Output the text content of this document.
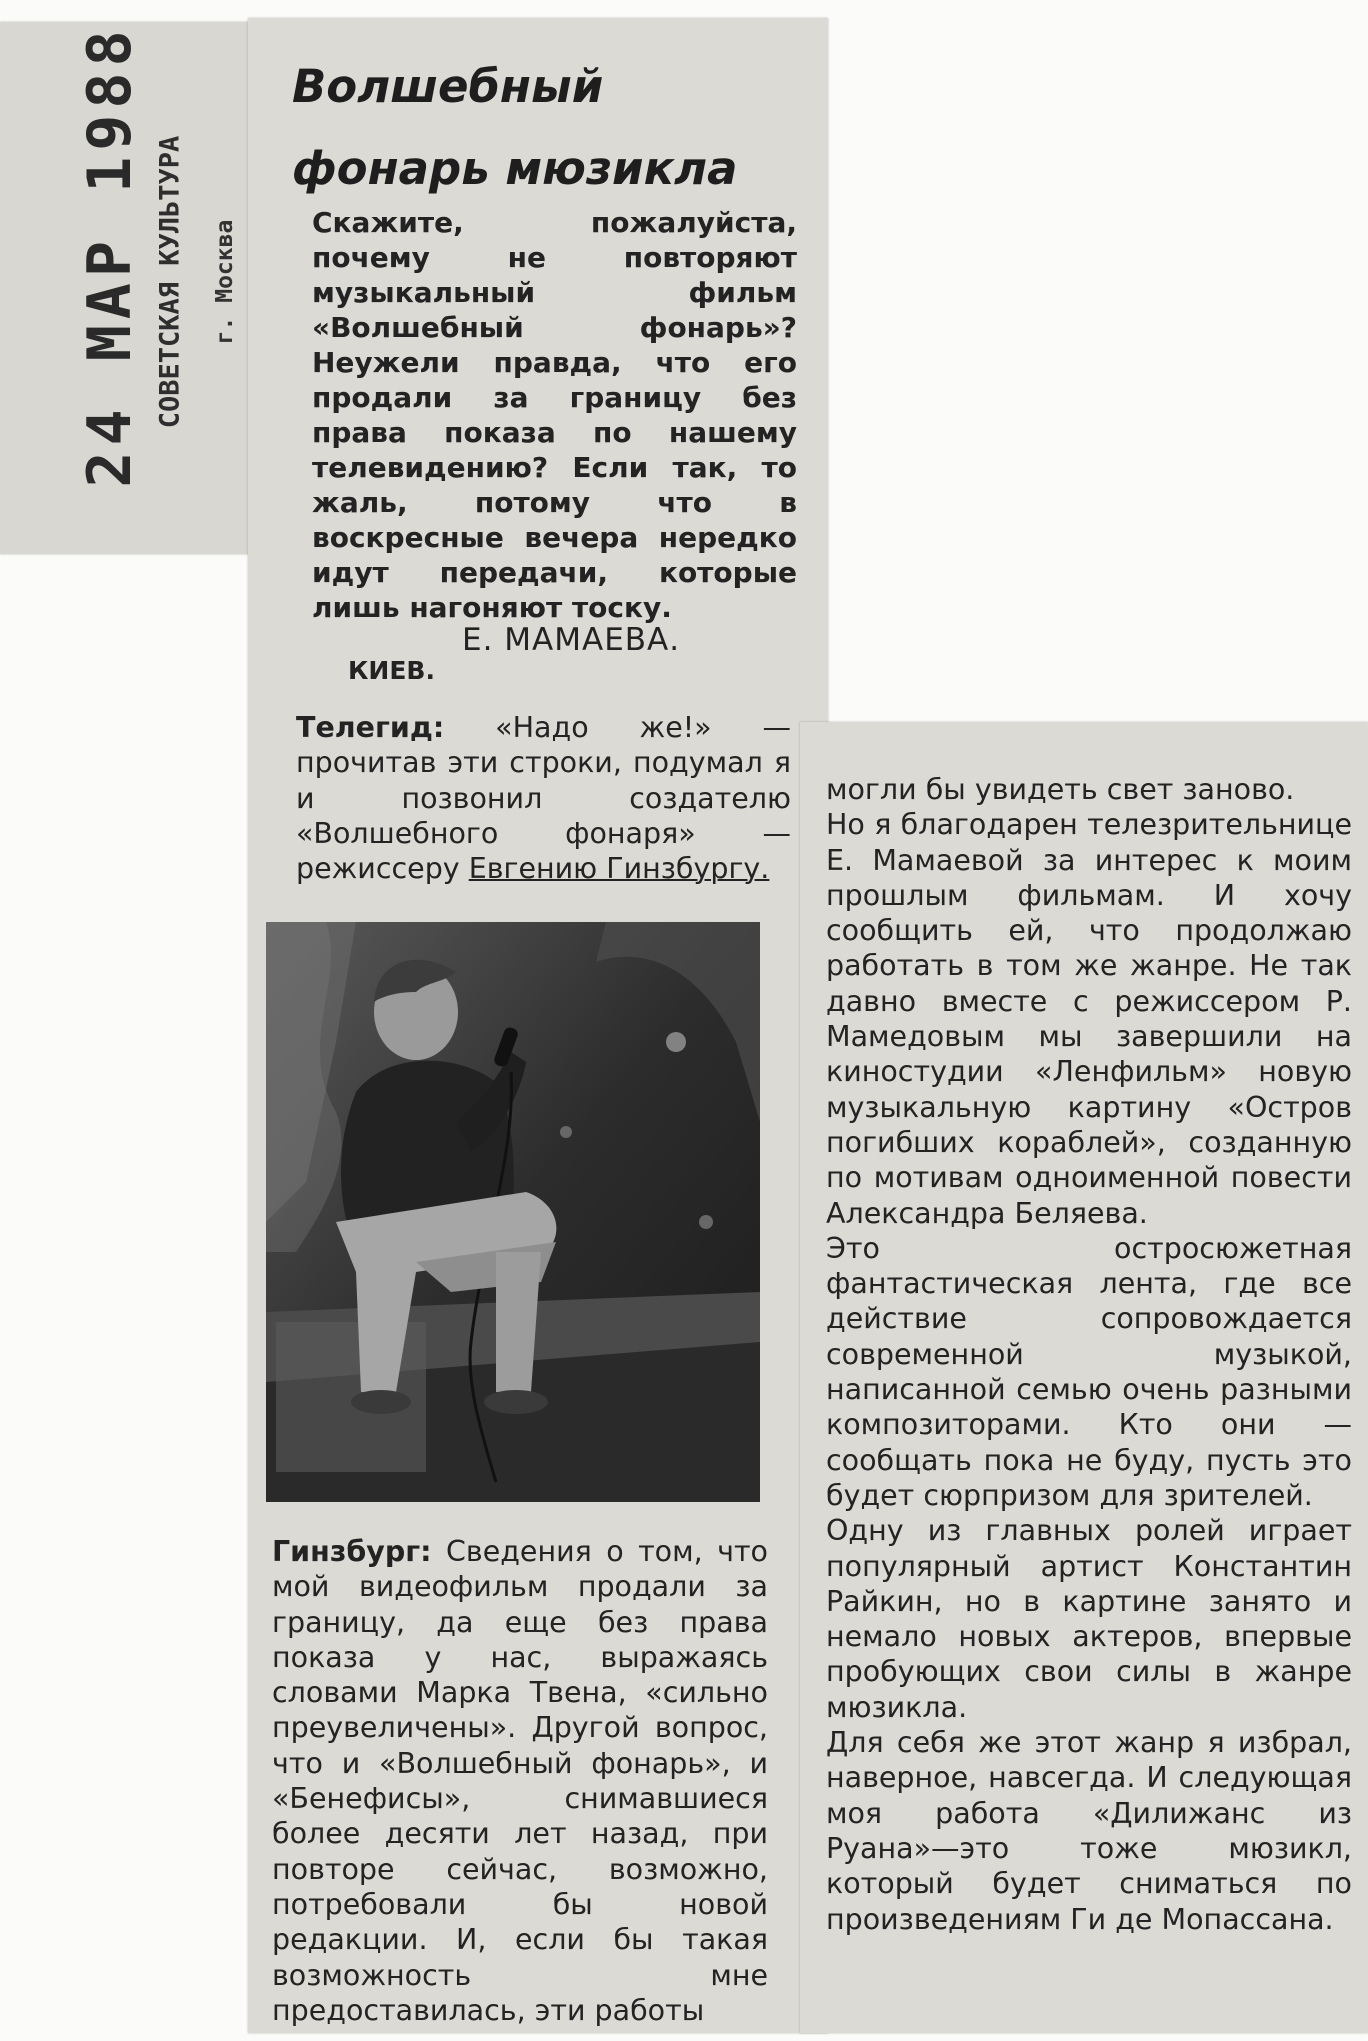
24 МАР 1988 СОВЕТСКАЯ КУЛЬТУРА г. Москва
Волшебный
фонарь мюзикла
Скажите, пожалуйста, почему не повторяют музыкальный фильм «Волшебный фонарь»? Неужели правда, что его продали за границу без права показа по нашему телевидению? Если так, то жаль, потому что в воскресные вечера нередко идут передачи, которые лишь нагоняют тоску.
Е. МАМАЕВА.
КИЕВ.
Телегид: «Надо же!» — прочитав эти строки, подумал я и позвонил создателю «Волшебного фонаря» — режиссеру Евгению Гинзбургу.
Гинзбург: Сведения о том, что мой видеофильм продали за границу, да еще без права показа у нас, выражаясь словами Марка Твена, «сильно преувеличены». Другой вопрос, что и «Волшебный фонарь», и «Бенефисы», снимавшиеся более десяти лет назад, при повторе сейчас, возможно, потребовали бы новой редакции. И, если бы такая возможность мне предоставилась, эти работы
могли бы увидеть свет заново.
Но я благодарен телезрительнице Е. Мамаевой за интерес к моим прошлым фильмам. И хочу сообщить ей, что продолжаю работать в том же жанре. Не так давно вместе с режиссером Р. Мамедовым мы завершили на киностудии «Ленфильм» новую музыкальную картину «Остров погибших кораблей», созданную по мотивам одноименной повести Александра Беляева.
Это остросюжетная фантастическая лента, где все действие сопровождается современной музыкой, написанной семью очень разными композиторами. Кто они — сообщать пока не буду, пусть это будет сюрпризом для зрителей.
Одну из главных ролей играет популярный артист Константин Райкин, но в картине занято и немало новых актеров, впервые пробующих свои силы в жанре мюзикла.
Для себя же этот жанр я избрал, наверное, навсегда. И следующая моя работа «Дилижанс из Руана»—это тоже мюзикл, который будет сниматься по произведениям Ги де Мопассана.
